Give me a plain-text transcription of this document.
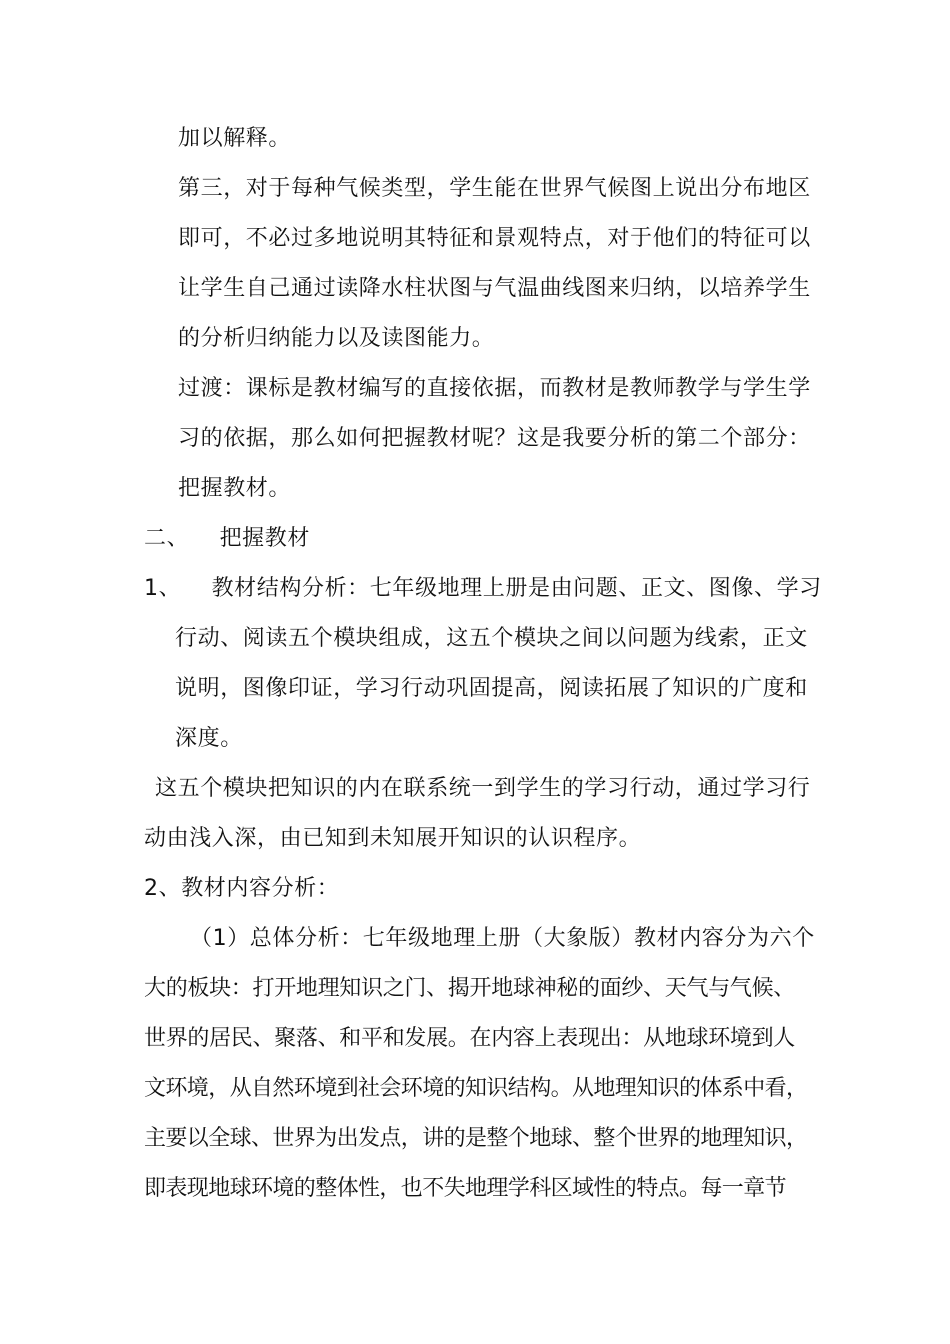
加以解释。
第三，对于每种气候类型，学生能在世界气候图上说出分布地区
即可，不必过多地说明其特征和景观特点，对于他们的特征可以
让学生自己通过读降水柱状图与气温曲线图来归纳，以培养学生
的分析归纳能力以及读图能力。
过渡：课标是教材编写的直接依据，而教材是教师教学与学生学
习的依据，那么如何把握教材呢？这是我要分析的第二个部分：
把握教材。
二、    把握教材
1、    教材结构分析：七年级地理上册是由问题、正文、图像、学习
行动、阅读五个模块组成，这五个模块之间以问题为线索，正文
说明，图像印证，学习行动巩固提高，阅读拓展了知识的广度和
深度。
这五个模块把知识的内在联系统一到学生的学习行动，通过学习行
动由浅入深，由已知到未知展开知识的认识程序。
2、教材内容分析：
（1）总体分析：七年级地理上册（大象版）教材内容分为六个
大的板块：打开地理知识之门、揭开地球神秘的面纱、天气与气候、
世界的居民、聚落、和平和发展。在内容上表现出：从地球环境到人
文环境，从自然环境到社会环境的知识结构。从地理知识的体系中看，
主要以全球、世界为出发点，讲的是整个地球、整个世界的地理知识，
即表现地球环境的整体性，也不失地理学科区域性的特点。每一章节
